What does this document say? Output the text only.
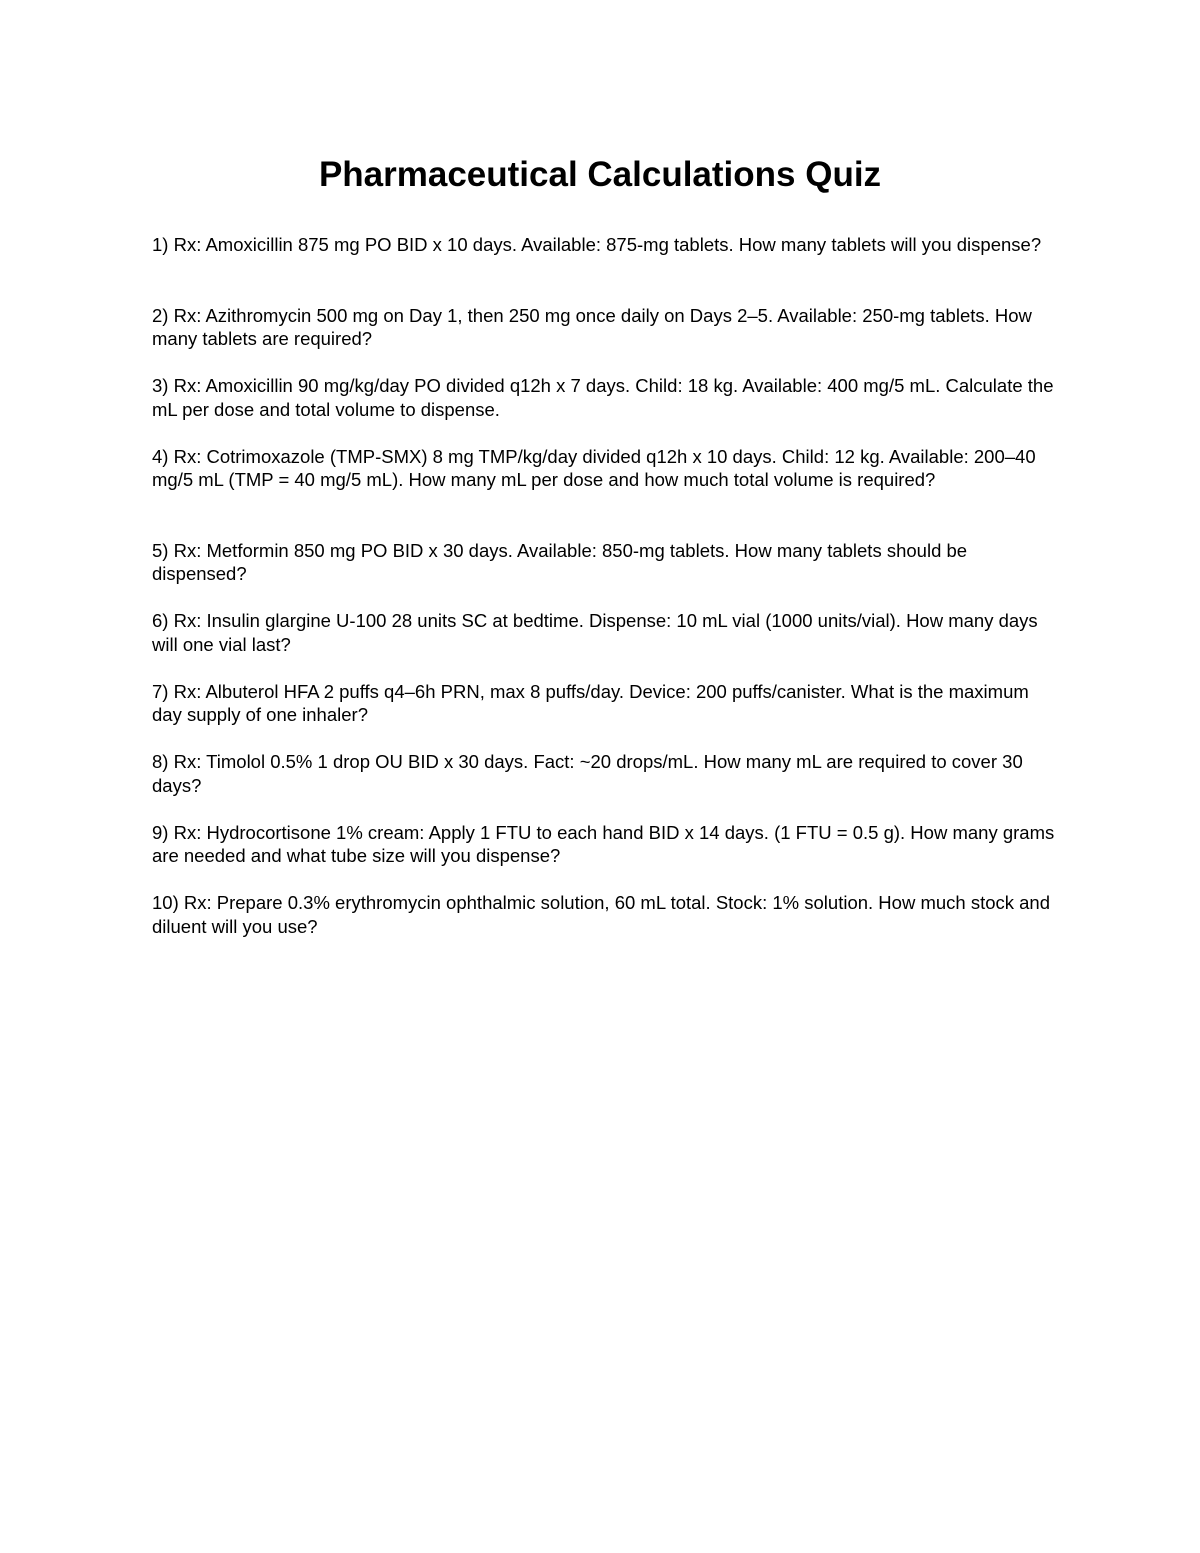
Pharmaceutical Calculations Quiz
1) Rx: Amoxicillin 875 mg PO BID x 10 days. Available: 875-mg tablets. How many tablets will you dispense?
2) Rx: Azithromycin 500 mg on Day 1, then 250 mg once daily on Days 2–5. Available: 250-mg tablets. How many tablets are required?
3) Rx: Amoxicillin 90 mg/kg/day PO divided q12h x 7 days. Child: 18 kg. Available: 400 mg/5 mL. Calculate the mL per dose and total volume to dispense.
4) Rx: Cotrimoxazole (TMP-SMX) 8 mg TMP/kg/day divided q12h x 10 days. Child: 12 kg. Available: 200–40 mg/5 mL (TMP = 40 mg/5 mL). How many mL per dose and how much total volume is required?
5) Rx: Metformin 850 mg PO BID x 30 days. Available: 850-mg tablets. How many tablets should be dispensed?
6) Rx: Insulin glargine U-100 28 units SC at bedtime. Dispense: 10 mL vial (1000 units/vial). How many days will one vial last?
7) Rx: Albuterol HFA 2 puffs q4–6h PRN, max 8 puffs/day. Device: 200 puffs/canister. What is the maximum day supply of one inhaler?
8) Rx: Timolol 0.5% 1 drop OU BID x 30 days. Fact: ~20 drops/mL. How many mL are required to cover 30 days?
9) Rx: Hydrocortisone 1% cream: Apply 1 FTU to each hand BID x 14 days. (1 FTU = 0.5 g). How many grams are needed and what tube size will you dispense?
10) Rx: Prepare 0.3% erythromycin ophthalmic solution, 60 mL total. Stock: 1% solution. How much stock and diluent will you use?
